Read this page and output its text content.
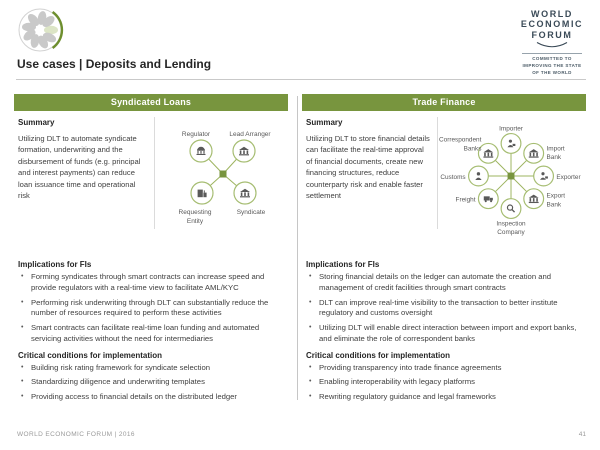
Use cases | Deposits and Lending
WORLD
ECONOMIC
FORUM
COMMITTED TO
IMPROVING THE STATE
OF THE WORLD
Syndicated Loans
Summary
Utilizing DLT to automate syndicate formation, underwriting and the disbursement of funds (e.g. principal and interest payments) can reduce loan issuance time and operational risk
Regulator	Lead Arranger
Requesting
Entity
Syndicate
Implications for FIs
• Forming syndicates through smart contracts can increase speed and provide regulators with a real-time view to facilitate AML/KYC
• Performing risk underwriting through DLT can substantially reduce the number of resources required to perform these activities
• Smart contracts can facilitate real-time loan funding and automated servicing activities without the need for intermediaries
Critical conditions for implementation
• Building risk rating framework for syndicate selection
• Standardizing diligence and underwriting templates
• Providing access to financial details on the distributed ledger
Trade Finance
Summary
Utilizing DLT to store financial details can facilitate the real-time approval of financial documents, create new financing structures, reduce counterparty risk and enable faster settlement
Importer
Import
Bank
Exporter
Export
Bank
Inspection
Company
Freight
Customs
Correspondent
Banks
Implications for FIs
• Storing financial details on the ledger can automate the creation and management of credit facilities through smart contracts
• DLT can improve real-time visibility to the transaction to better institute regulatory and customs oversight
• Utilizing DLT will enable direct interaction between import and export banks, and eliminate the role of correspondent banks
Critical conditions for implementation
• Providing transparency into trade finance agreements
• Enabling interoperability with legacy platforms
• Rewriting regulatory guidance and legal frameworks
WORLD ECONOMIC FORUM | 2016	41
